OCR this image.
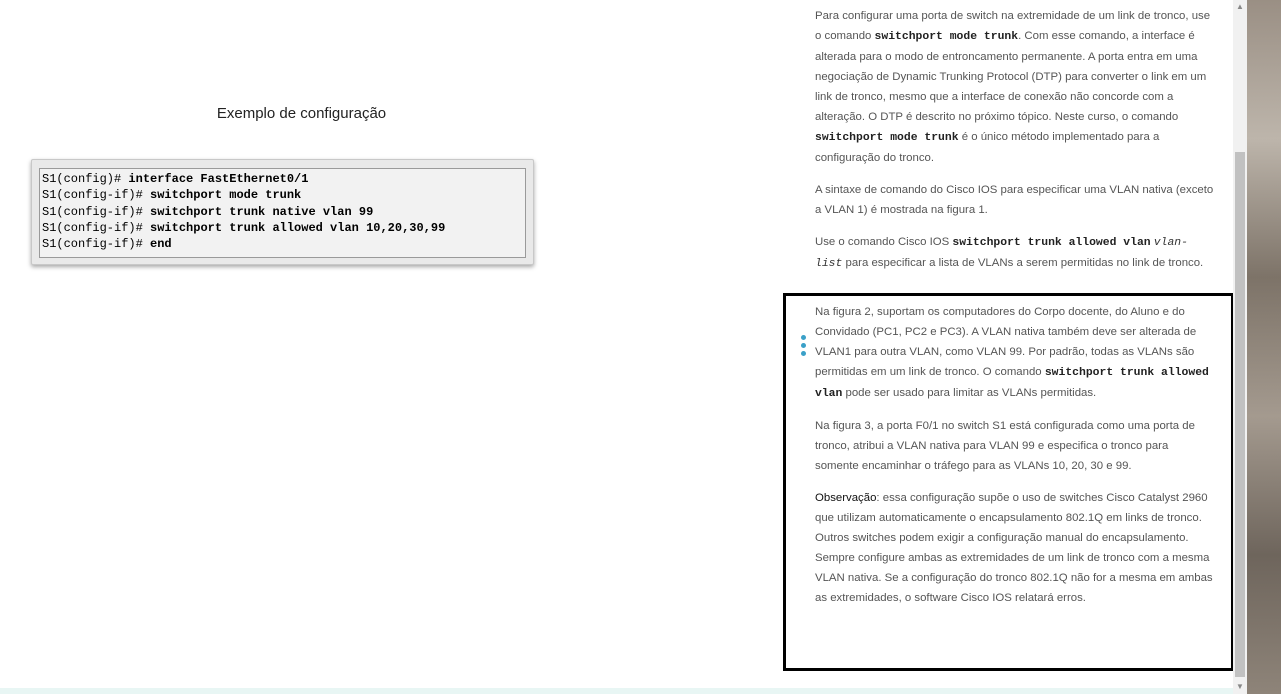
Exemplo de configuração
S1(config)# interface FastEthernet0/1
S1(config-if)# switchport mode trunk
S1(config-if)# switchport trunk native vlan 99
S1(config-if)# switchport trunk allowed vlan 10,20,30,99
S1(config-if)# end

Para configurar uma porta de switch na extremidade de um link de tronco, use o comando switchport mode trunk. Com esse comando, a interface é alterada para o modo de entroncamento permanente. A porta entra em uma negociação de Dynamic Trunking Protocol (DTP) para converter o link em um link de tronco, mesmo que a interface de conexão não concorde com a alteração. O DTP é descrito no próximo tópico. Neste curso, o comando switchport mode trunk é o único método implementado para a configuração do tronco.

A sintaxe de comando do Cisco IOS para especificar uma VLAN nativa (exceto a VLAN 1) é mostrada na figura 1.

Use o comando Cisco IOS switchport trunk allowed vlan vlan-list para especificar a lista de VLANs a serem permitidas no link de tronco.

Na figura 2, suportam os computadores do Corpo docente, do Aluno e do Convidado (PC1, PC2 e PC3). A VLAN nativa também deve ser alterada de VLAN1 para outra VLAN, como VLAN 99. Por padrão, todas as VLANs são permitidas em um link de tronco. O comando switchport trunk allowed vlan pode ser usado para limitar as VLANs permitidas.

Na figura 3, a porta F0/1 no switch S1 está configurada como uma porta de tronco, atribui a VLAN nativa para VLAN 99 e especifica o tronco para somente encaminhar o tráfego para as VLANs 10, 20, 30 e 99.

Observação: essa configuração supõe o uso de switches Cisco Catalyst 2960 que utilizam automaticamente o encapsulamento 802.1Q em links de tronco. Outros switches podem exigir a configuração manual do encapsulamento. Sempre configure ambas as extremidades de um link de tronco com a mesma VLAN nativa. Se a configuração do tronco 802.1Q não for a mesma em ambas as extremidades, o software Cisco IOS relatará erros.

▲
▼
